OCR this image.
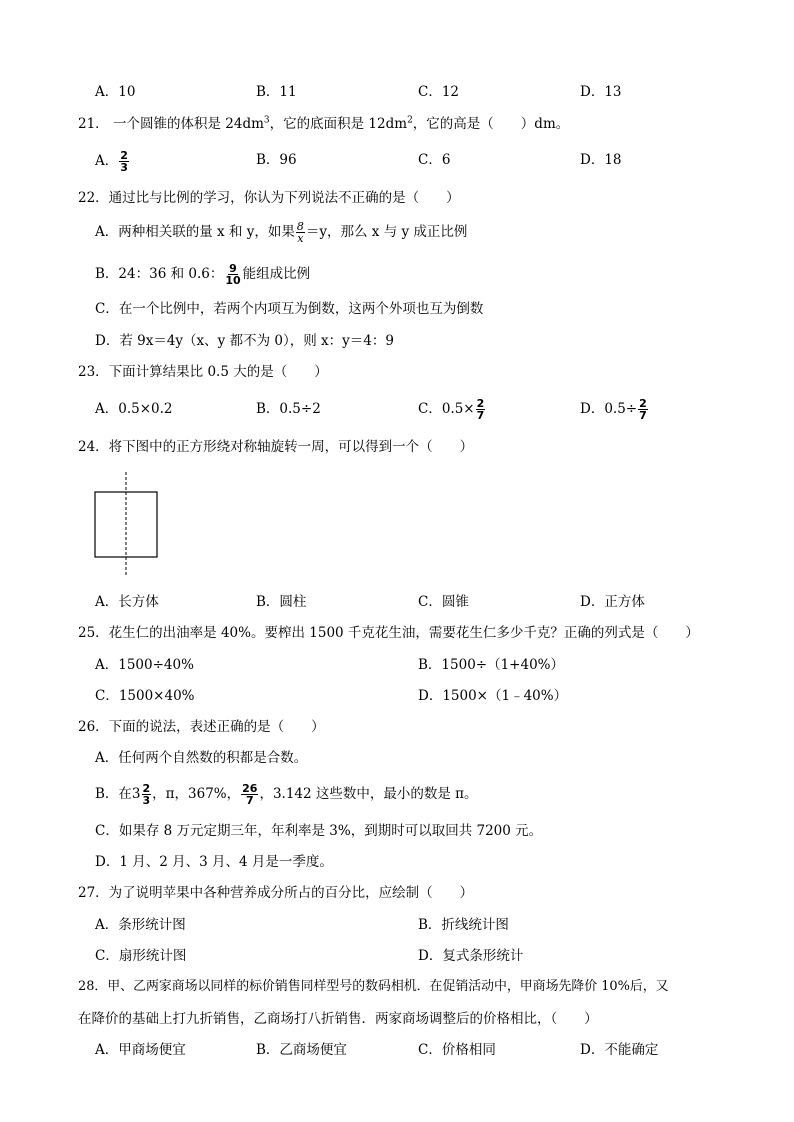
A．10	B．11	C．12	D．13
21． 一个圆锥的体积是 $24dm^3$，它的底面积是 $12dm^2$，它的高是（　　）dm。
A． $\frac{2}{3}$	B．96	C．6	D．18
22．通过比与比例的学习，你认为下列说法不正确的是（　　）
A．两种相关联的量 x 和 y，如果 $\frac{8}{x} =y$，那么 x 与 y 成正比例
B．24：36 和 0.6： $\frac{9}{10}$ 能组成比例
C．在一个比例中，若两个内项互为倒数，这两个外项也互为倒数
D．若 9x＝4y（x、y 都不为 0），则 x：y＝4：9
23．下面计算结果比 0.5 大的是（　　）
A．0.5×0.2	B．0.5÷2	C．$0.5\times \frac{2}{7}$	D．$0.5\div \frac{2}{7}$
24．将下图中的正方形绕对称轴旋转一周，可以得到一个（　　）
A．长方体	B．圆柱	C．圆锥	D．正方体
25．花生仁的出油率是 40%。要榨出 1500 千克花生油，需要花生仁多少千克？正确的列式是（　　）
A．1500÷40%	B．1500÷（1+40%）
C．1500×40%	D．1500×（1﹣40%）
26．下面的说法，表述正确的是（　　）
A．任何两个自然数的积都是合数。
B．在$3 \frac{2}{3}$ ，π，367%， $\frac{26}{7}$ ，3.142 这些数中，最小的数是 π。
C．如果存 8 万元定期三年，年利率是 3%，到期时可以取回共 7200 元。
D．1 月、2 月、3 月、4 月是一季度。
27．为了说明苹果中各种营养成分所占的百分比，应绘制（　　）
A．条形统计图	B．折线统计图
C．扇形统计图	D．复式条形统计
28．甲、乙两家商场以同样的标价销售同样型号的数码相机．在促销活动中，甲商场先降价 10%后，又
在降价的基础上打九折销售，乙商场打八折销售．两家商场调整后的价格相比，（　　）
A．甲商场便宜	B．乙商场便宜	C．价格相同	D．不能确定
